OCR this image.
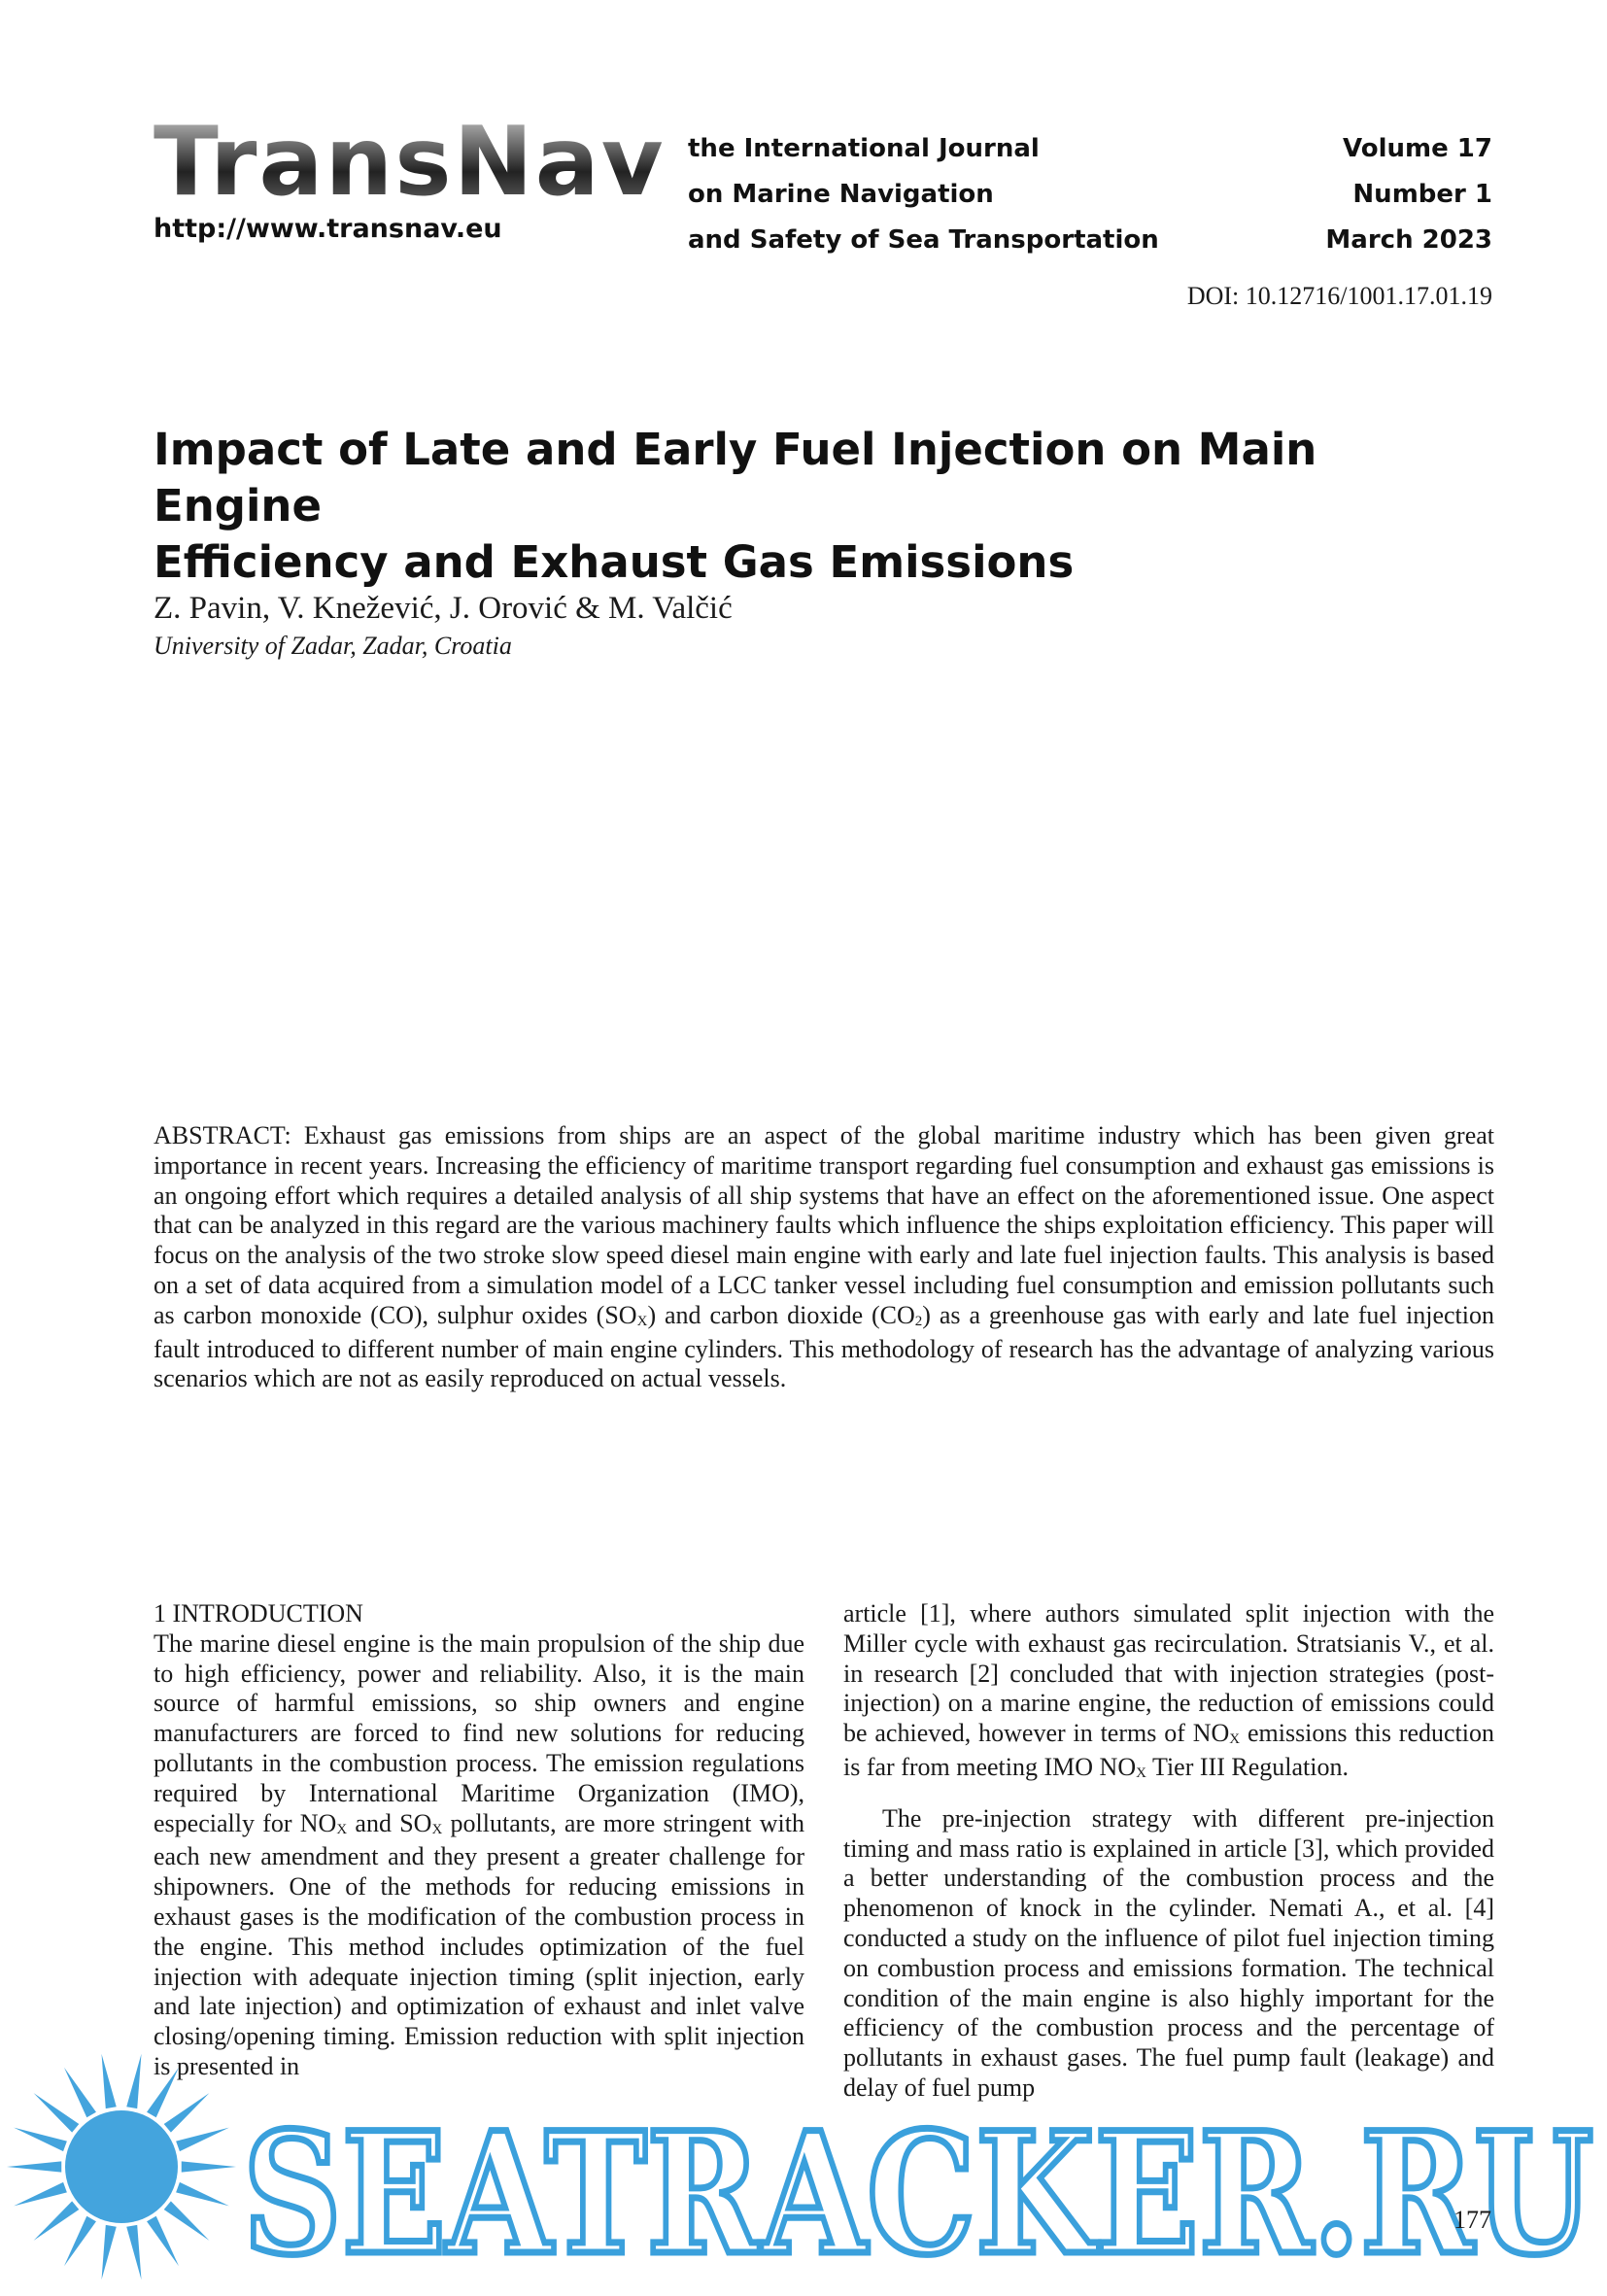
TransNav
http://www.transnav.eu
the International Journal
on Marine Navigation
and Safety of Sea Transportation
Volume 17
Number 1
March 2023
DOI: 10.12716/1001.17.01.19
Impact of Late and Early Fuel Injection on Main Engine
Efficiency and Exhaust Gas Emissions
Z. Pavin, V. Knežević, J. Orović & M. Valčić
University of Zadar, Zadar, Croatia

ABSTRACT: Exhaust gas emissions from ships are an aspect of the global maritime industry which has been given great importance in recent years. Increasing the efficiency of maritime transport regarding fuel consumption and exhaust gas emissions is an ongoing effort which requires a detailed analysis of all ship systems that have an effect on the aforementioned issue. One aspect that can be analyzed in this regard are the various machinery faults which influence the ships exploitation efficiency. This paper will focus on the analysis of the two stroke slow speed diesel main engine with early and late fuel injection faults. This analysis is based on a set of data acquired from a simulation model of a LCC tanker vessel including fuel consumption and emission pollutants such as carbon monoxide (CO), sulphur oxides $(SO_X)$ and carbon dioxide $(CO_2)$ as a greenhouse gas with early and late fuel injection fault introduced to different number of main engine cylinders. This methodology of research has the advantage of analyzing various scenarios which are not as easily reproduced on actual vessels.

1 INTRODUCTION

The marine diesel engine is the main propulsion of the ship due to high efficiency, power and reliability. Also, it is the main source of harmful emissions, so ship owners and engine manufacturers are forced to find new solutions for reducing pollutants in the combustion process. The emission regulations required by International Maritime Organization (IMO), especially for $NO_X$ and $SO_X$ pollutants, are more stringent with each new amendment and they present a greater challenge for shipowners. One of the methods for reducing emissions in exhaust gases is the modification of the combustion process in the engine. This method includes optimization of the fuel injection with adequate injection timing (split injection, early and late injection) and optimization of exhaust and inlet valve closing/opening timing. Emission reduction with split injection is presented in

article [1], where authors simulated split injection with the Miller cycle with exhaust gas recirculation. Stratsianis V., et al. in research [2] concluded that with injection strategies (post-injection) on a marine engine, the reduction of emissions could be achieved, however in terms of $NO_X$ emissions this reduction is far from meeting IMO $NO_X$ Tier III Regulation.

The pre-injection strategy with different pre-injection timing and mass ratio is explained in article [3], which provided a better understanding of the combustion process and the phenomenon of knock in the cylinder. Nemati A., et al. [4] conducted a study on the influence of pilot fuel injection timing on combustion process and emissions formation. The technical condition of the main engine is also highly important for the efficiency of the combustion process and the percentage of pollutants in exhaust gases. The fuel pump fault (leakage) and delay of fuel pump

SEATRACKER.RU
177
